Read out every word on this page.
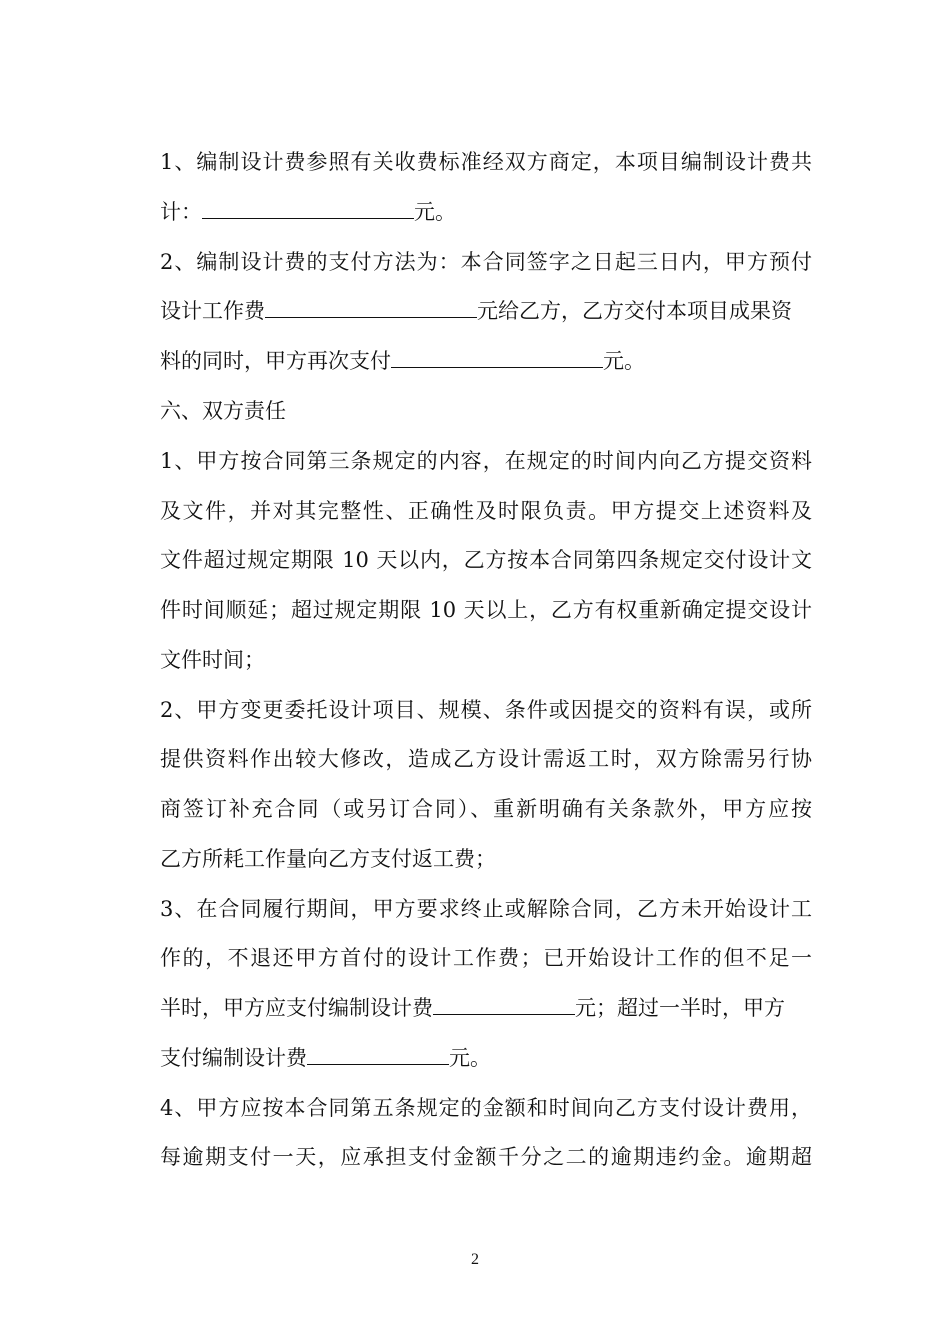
1、编制设计费参照有关收费标准经双方商定，本项目编制设计费共
计：	元。
2、编制设计费的支付方法为：本合同签字之日起三日内，甲方预付
设计工作费	元给乙方，乙方交付本项目成果资
料的同时，甲方再次支付	元。
六、双方责任
1、甲方按合同第三条规定的内容，在规定的时间内向乙方提交资料
及文件，并对其完整性、正确性及时限负责。甲方提交上述资料及
文件超过规定期限 10 天以内，乙方按本合同第四条规定交付设计文
件时间顺延；超过规定期限 10 天以上，乙方有权重新确定提交设计
文件时间；
2、甲方变更委托设计项目、规模、条件或因提交的资料有误，或所
提供资料作出较大修改，造成乙方设计需返工时，双方除需另行协
商签订补充合同（或另订合同）、重新明确有关条款外，甲方应按
乙方所耗工作量向乙方支付返工费；
3、在合同履行期间，甲方要求终止或解除合同，乙方未开始设计工
作的，不退还甲方首付的设计工作费；已开始设计工作的但不足一
半时，甲方应支付编制设计费	元；超过一半时，甲方
支付编制设计费	元。
4、甲方应按本合同第五条规定的金额和时间向乙方支付设计费用，
每逾期支付一天，应承担支付金额千分之二的逾期违约金。逾期超
2
